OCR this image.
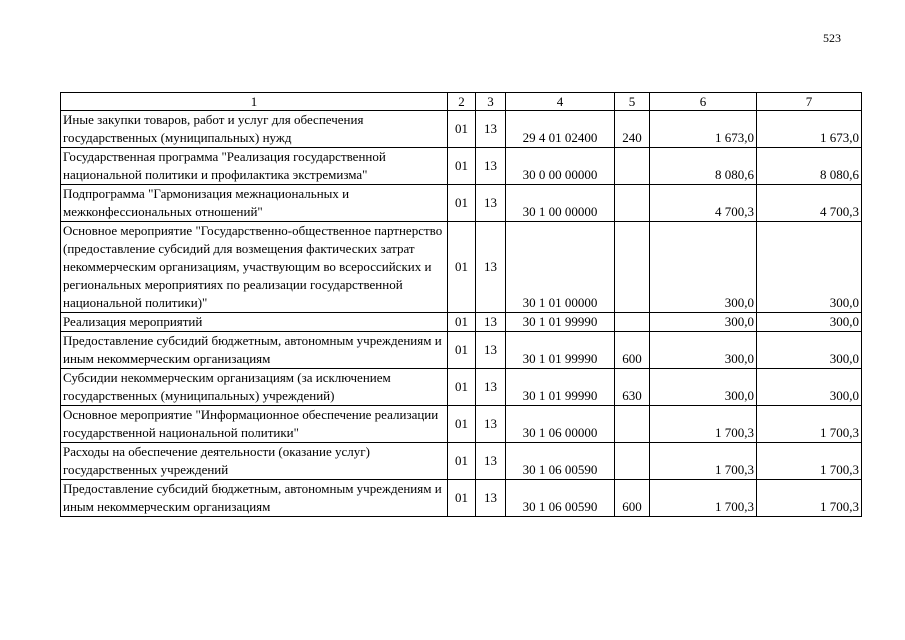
523
1	2	3	4	5	6	7
Иные закупки товаров, работ и услуг для обеспечения государственных (муниципальных) нужд	01	13	29 4 01 02400	240	1 673,0	1 673,0
Государственная программа "Реализация государственной национальной политики и профилактика экстремизма"	01	13	30 0 00 00000		8 080,6	8 080,6
Подпрограмма "Гармонизация межнациональных и межконфессиональных отношений"	01	13	30 1 00 00000		4 700,3	4 700,3
Основное мероприятие "Государственно-общественное партнерство (предоставление субсидий для возмещения фактических затрат некоммерческим организациям, участвующим во всероссийских и региональных мероприятиях по реализации государственной национальной политики)"	01	13	30 1 01 00000		300,0	300,0
Реализация мероприятий	01	13	30 1 01 99990		300,0	300,0
Предоставление субсидий бюджетным, автономным учреждениям и иным некоммерческим организациям	01	13	30 1 01 99990	600	300,0	300,0
Субсидии некоммерческим организациям (за исключением государственных (муниципальных) учреждений)	01	13	30 1 01 99990	630	300,0	300,0
Основное мероприятие "Информационное обеспечение реализации государственной национальной политики"	01	13	30 1 06 00000		1 700,3	1 700,3
Расходы на обеспечение деятельности (оказание услуг) государственных учреждений	01	13	30 1 06 00590		1 700,3	1 700,3
Предоставление субсидий бюджетным, автономным учреждениям и иным некоммерческим организациям	01	13	30 1 06 00590	600	1 700,3	1 700,3
